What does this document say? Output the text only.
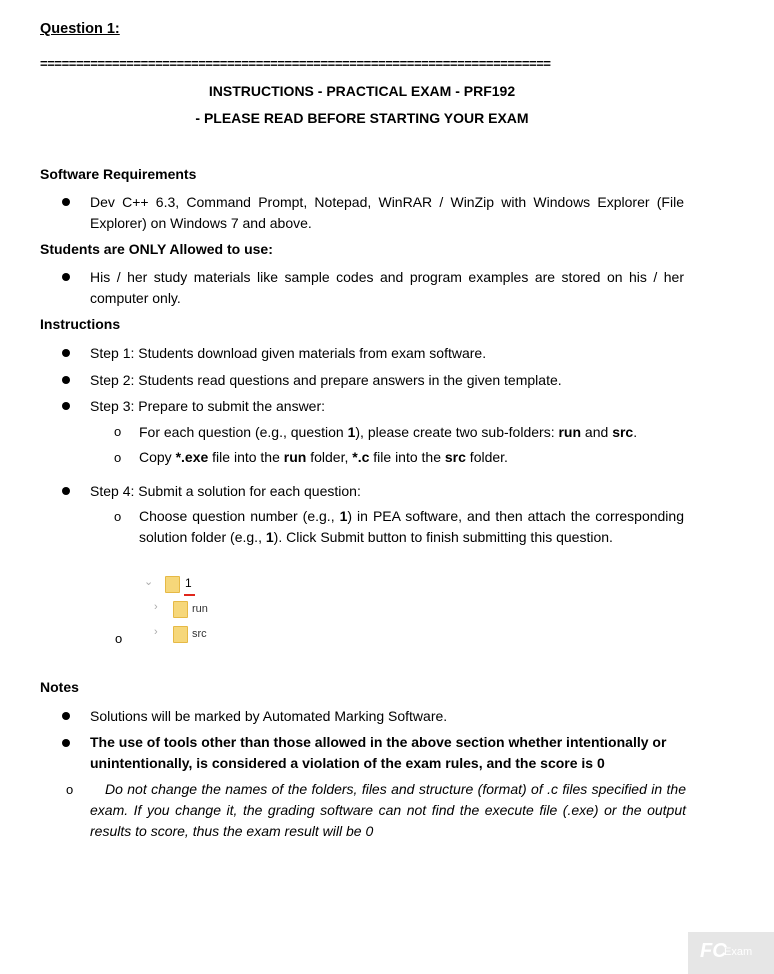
Question 1:
=======================================================================
INSTRUCTIONS - PRACTICAL EXAM - PRF192
- PLEASE READ BEFORE STARTING YOUR EXAM
Software Requirements
Dev C++ 6.3, Command Prompt, Notepad, WinRAR / WinZip with Windows Explorer (File Explorer) on Windows 7 and above.
Students are ONLY Allowed to use:
His / her study materials like sample codes and program examples are stored on his / her computer only.
Instructions
Step 1: Students download given materials from exam software.
Step 2: Students read questions and prepare answers in the given template.
Step 3: Prepare to submit the answer:
o For each question (e.g., question 1), please create two sub-folders: run and src.
o Copy *.exe file into the run folder, *.c file into the src folder.
Step 4: Submit a solution for each question:
o Choose question number (e.g., 1) in PEA software, and then attach the corresponding solution folder (e.g., 1). Click Submit button to finish submitting this question.
⌄	1
›	run
›	src
o
Notes
Solutions will be marked by Automated Marking Software.
The use of tools other than those allowed in the above section whether intentionally or unintentionally, is considered a violation of the exam rules, and the score is 0
o	Do not change the names of the folders, files and structure (format) of .c files specified in the exam. If you change it, the grading software can not find the execute file (.exe) or the output results to score, thus the exam result will be 0
FC
Exam
